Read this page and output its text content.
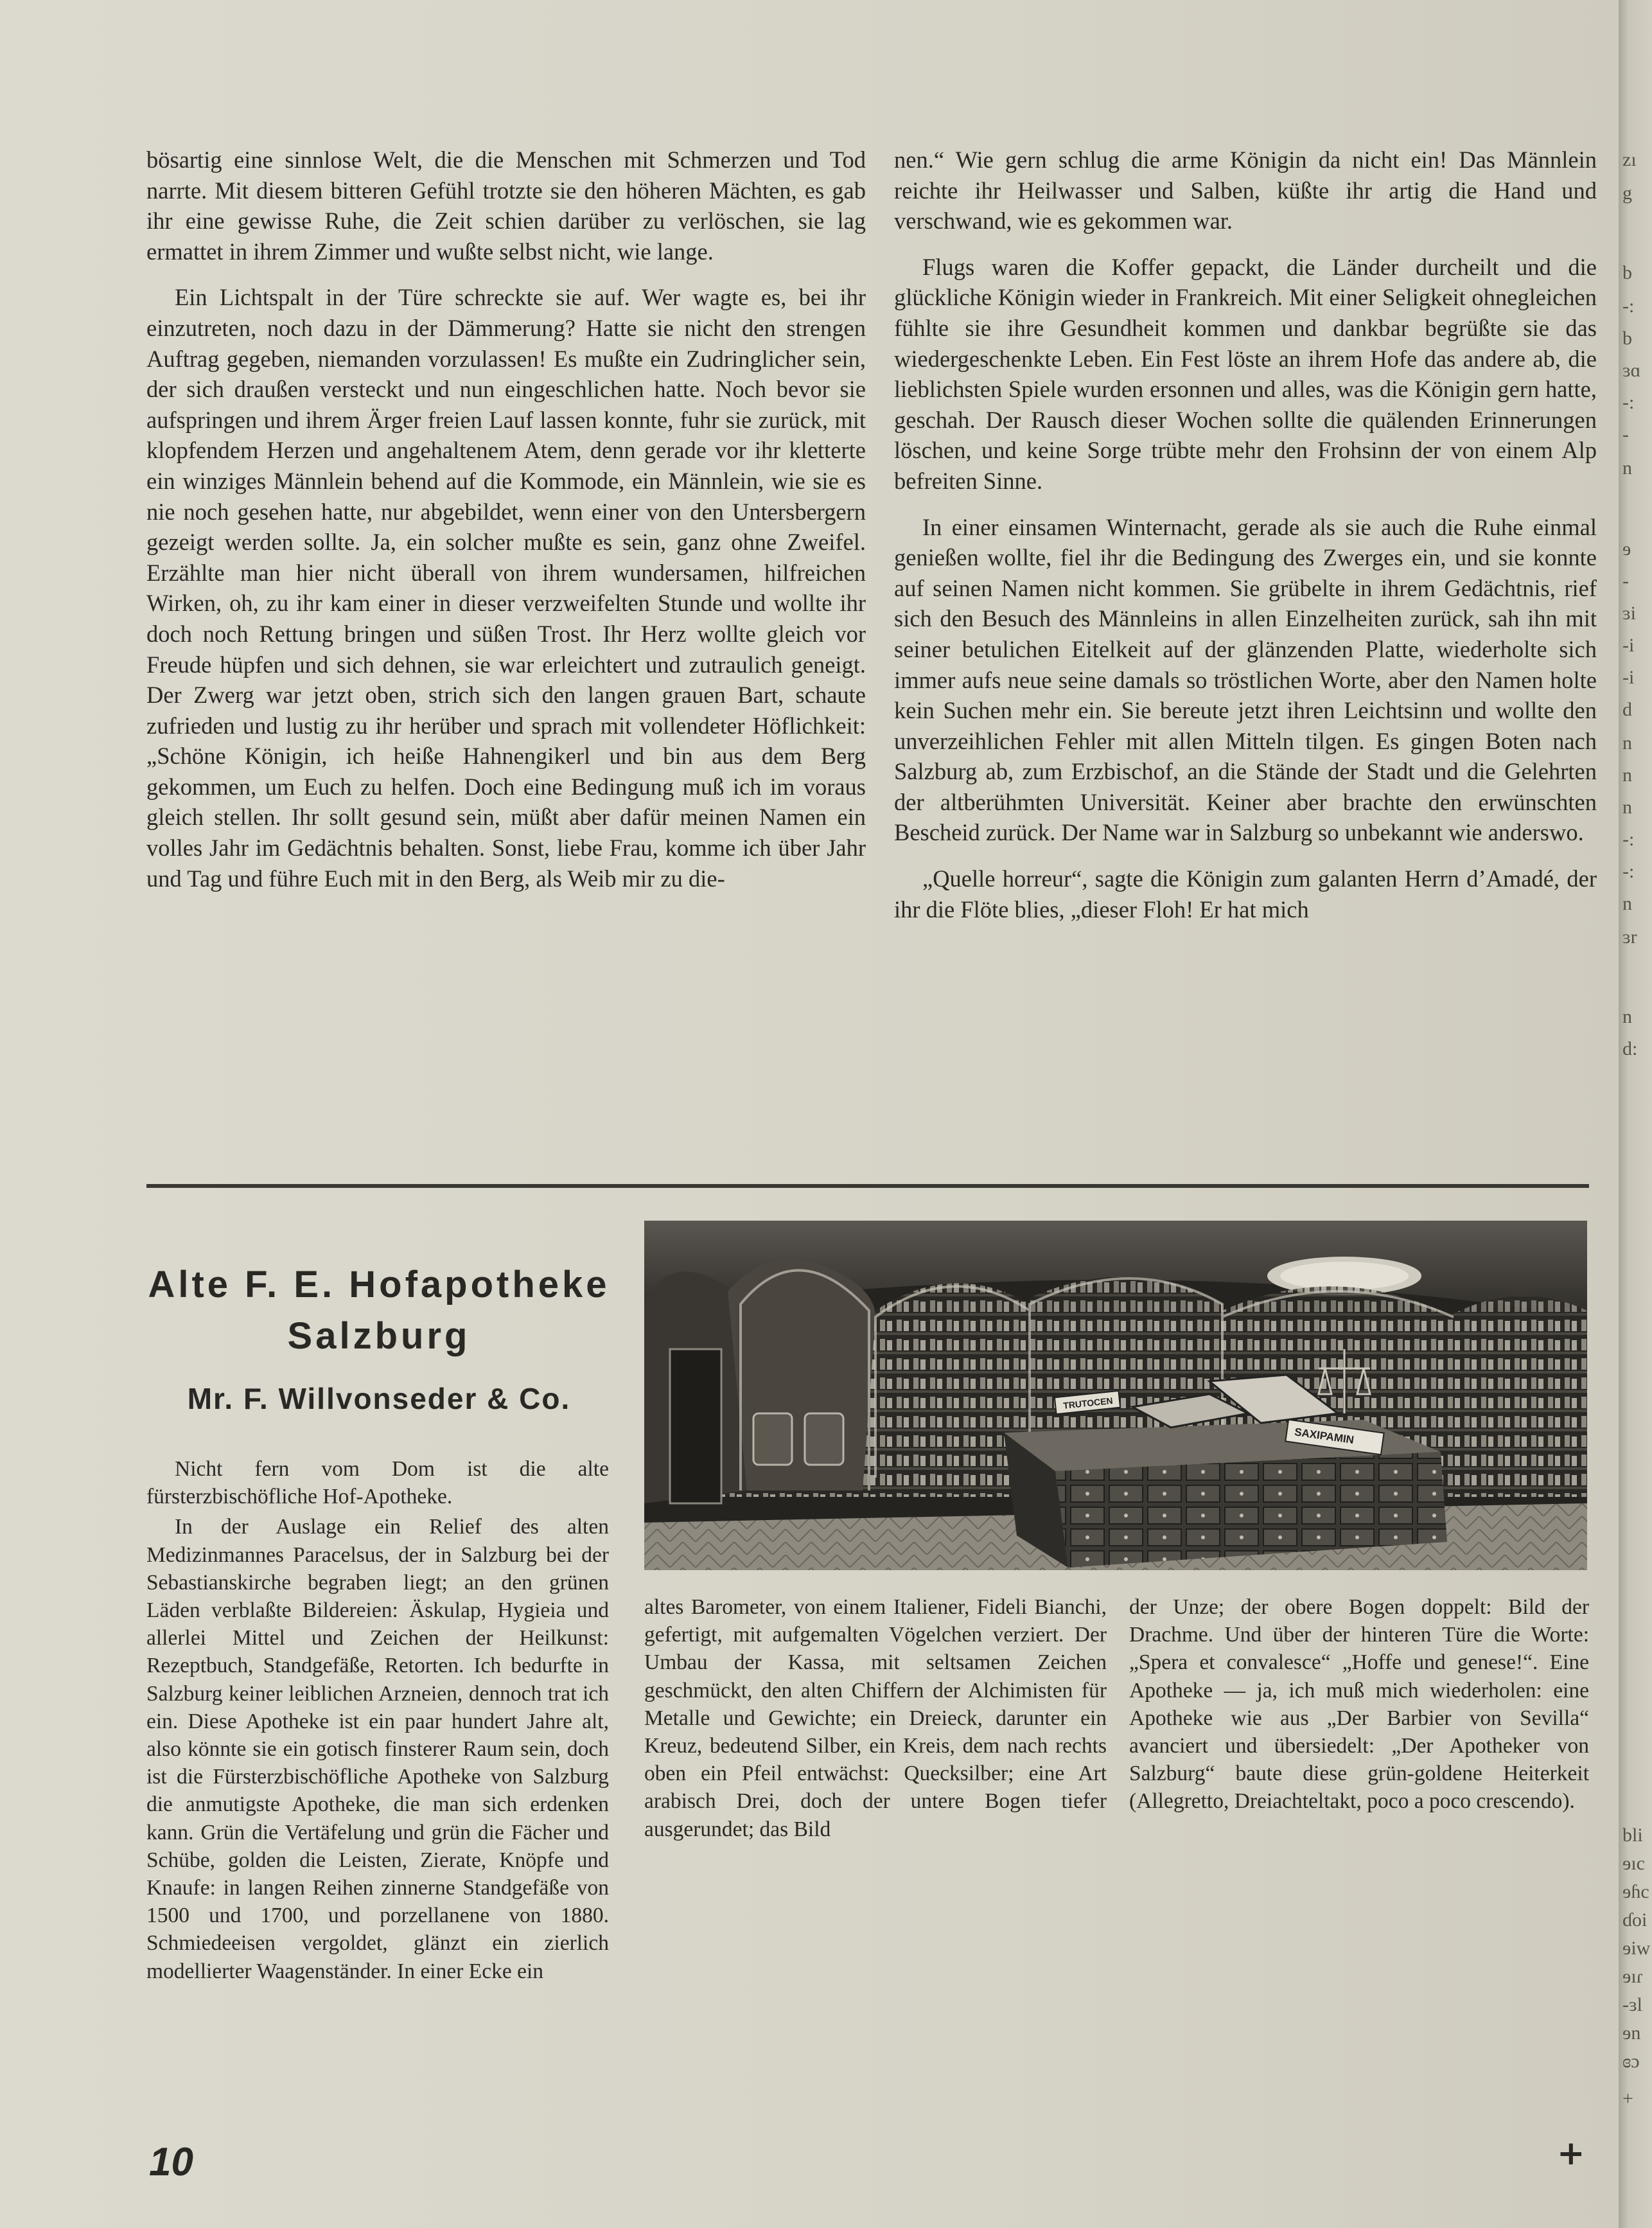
bösartig eine sinnlose Welt, die die Menschen mit Schmerzen und Tod narrte. Mit diesem bitteren Gefühl trotzte sie den höheren Mächten, es gab ihr eine gewisse Ruhe, die Zeit schien darüber zu verlöschen, sie lag ermattet in ihrem Zimmer und wußte selbst nicht, wie lange.

Ein Lichtspalt in der Türe schreckte sie auf. Wer wagte es, bei ihr einzutreten, noch dazu in der Dämmerung? Hatte sie nicht den strengen Auftrag gegeben, niemanden vorzulassen! Es mußte ein Zudringlicher sein, der sich draußen versteckt und nun eingeschlichen hatte. Noch bevor sie aufspringen und ihrem Ärger freien Lauf lassen konnte, fuhr sie zurück, mit klopfendem Herzen und angehaltenem Atem, denn gerade vor ihr kletterte ein winziges Männlein behend auf die Kommode, ein Männlein, wie sie es nie noch gesehen hatte, nur abgebildet, wenn einer von den Untersbergern gezeigt werden sollte. Ja, ein solcher mußte es sein, ganz ohne Zweifel. Erzählte man hier nicht überall von ihrem wundersamen, hilfreichen Wirken, oh, zu ihr kam einer in dieser verzweifelten Stunde und wollte ihr doch noch Rettung bringen und süßen Trost. Ihr Herz wollte gleich vor Freude hüpfen und sich dehnen, sie war erleichtert und zutraulich geneigt. Der Zwerg war jetzt oben, strich sich den langen grauen Bart, schaute zufrieden und lustig zu ihr herüber und sprach mit vollendeter Höflichkeit: „Schöne Königin, ich heiße Hahnengikerl und bin aus dem Berg gekommen, um Euch zu helfen. Doch eine Bedingung muß ich im voraus gleich stellen. Ihr sollt gesund sein, müßt aber dafür meinen Namen ein volles Jahr im Gedächtnis behalten. Sonst, liebe Frau, komme ich über Jahr und Tag und führe Euch mit in den Berg, als Weib mir zu die-

nen.“ Wie gern schlug die arme Königin da nicht ein! Das Männlein reichte ihr Heilwasser und Salben, küßte ihr artig die Hand und verschwand, wie es gekommen war.

Flugs waren die Koffer gepackt, die Länder durcheilt und die glückliche Königin wieder in Frankreich. Mit einer Seligkeit ohnegleichen fühlte sie ihre Gesundheit kommen und dankbar begrüßte sie das wiedergeschenkte Leben. Ein Fest löste an ihrem Hofe das andere ab, die lieblichsten Spiele wurden ersonnen und alles, was die Königin gern hatte, geschah. Der Rausch dieser Wochen sollte die quälenden Erinnerungen löschen, und keine Sorge trübte mehr den Frohsinn der von einem Alp befreiten Sinne.

In einer einsamen Winternacht, gerade als sie auch die Ruhe einmal genießen wollte, fiel ihr die Bedingung des Zwerges ein, und sie konnte auf seinen Namen nicht kommen. Sie grübelte in ihrem Gedächtnis, rief sich den Besuch des Männleins in allen Einzelheiten zurück, sah ihn mit seiner betulichen Eitelkeit auf der glänzenden Platte, wiederholte sich immer aufs neue seine damals so tröstlichen Worte, aber den Namen holte kein Suchen mehr ein. Sie bereute jetzt ihren Leichtsinn und wollte den unverzeihlichen Fehler mit allen Mitteln tilgen. Es gingen Boten nach Salzburg ab, zum Erzbischof, an die Stände der Stadt und die Gelehrten der altberühmten Universität. Keiner aber brachte den erwünschten Bescheid zurück. Der Name war in Salzburg so unbekannt wie anderswo.

„Quelle horreur“, sagte die Königin zum galanten Herrn d’Amadé, der ihr die Flöte blies, „dieser Floh! Er hat mich

Alte F. E. Hofapotheke

Salzburg

Mr. F. Willvonseder & Co.

Nicht fern vom Dom ist die alte fürsterzbischöfliche Hof-Apotheke.

In der Auslage ein Relief des alten Medizinmannes Paracelsus, der in Salzburg bei der Sebastianskirche begraben liegt; an den grünen Läden verblaßte Bildereien: Äskulap, Hygieia und allerlei Mittel und Zeichen der Heilkunst: Rezeptbuch, Standgefäße, Retorten. Ich bedurfte in Salzburg keiner leiblichen Arzneien, dennoch trat ich ein. Diese Apotheke ist ein paar hundert Jahre alt, also könnte sie ein gotisch finsterer Raum sein, doch ist die Fürsterzbischöfliche Apotheke von Salzburg die anmutigste Apotheke, die man sich erdenken kann. Grün die Vertäfelung und grün die Fächer und Schübe, golden die Leisten, Zierate, Knöpfe und Knaufe: in langen Reihen zinnerne Standgefäße von 1500 und 1700, und porzellanene von 1880. Schmiedeeisen vergoldet, glänzt ein zierlich modellierter Waagenständer. In einer Ecke ein

TRUTOCEN
SAXIPAMIN

altes Barometer, von einem Italiener, Fideli Bianchi, gefertigt, mit aufgemalten Vögelchen verziert. Der Umbau der Kassa, mit seltsamen Zeichen geschmückt, den alten Chiffern der Alchimisten für Metalle und Gewichte; ein Dreieck, darunter ein Kreuz, bedeutend Silber, ein Kreis, dem nach rechts oben ein Pfeil entwächst: Quecksilber; eine Art arabisch Drei, doch der untere Bogen tiefer ausgerundet; das Bild

der Unze; der obere Bogen doppelt: Bild der Drachme. Und über der hinteren Türe die Worte: „Spera et convalesce“ „Hoffe und genese!“. Eine Apotheke — ja, ich muß mich wiederholen: eine Apotheke wie aus „Der Barbier von Sevilla“ avanciert und übersiedelt: „Der Apotheker von Salzburg“ baute diese grün-goldene Heiterkeit (Allegretto, Dreiachteltakt, poco a poco crescendo).

10	+
zı
g
b
-:
b
ɜɑ
-:
-
n
ɘ
-
ɜi
-i
-i
d
n
n
n
-:
-:
n
ɜr
n
d:
bli
ɘıc
ɘɦc
ɗoi
ɘiw
ɘıɾ
-ɜl
ɘn
ɞɔ
+
